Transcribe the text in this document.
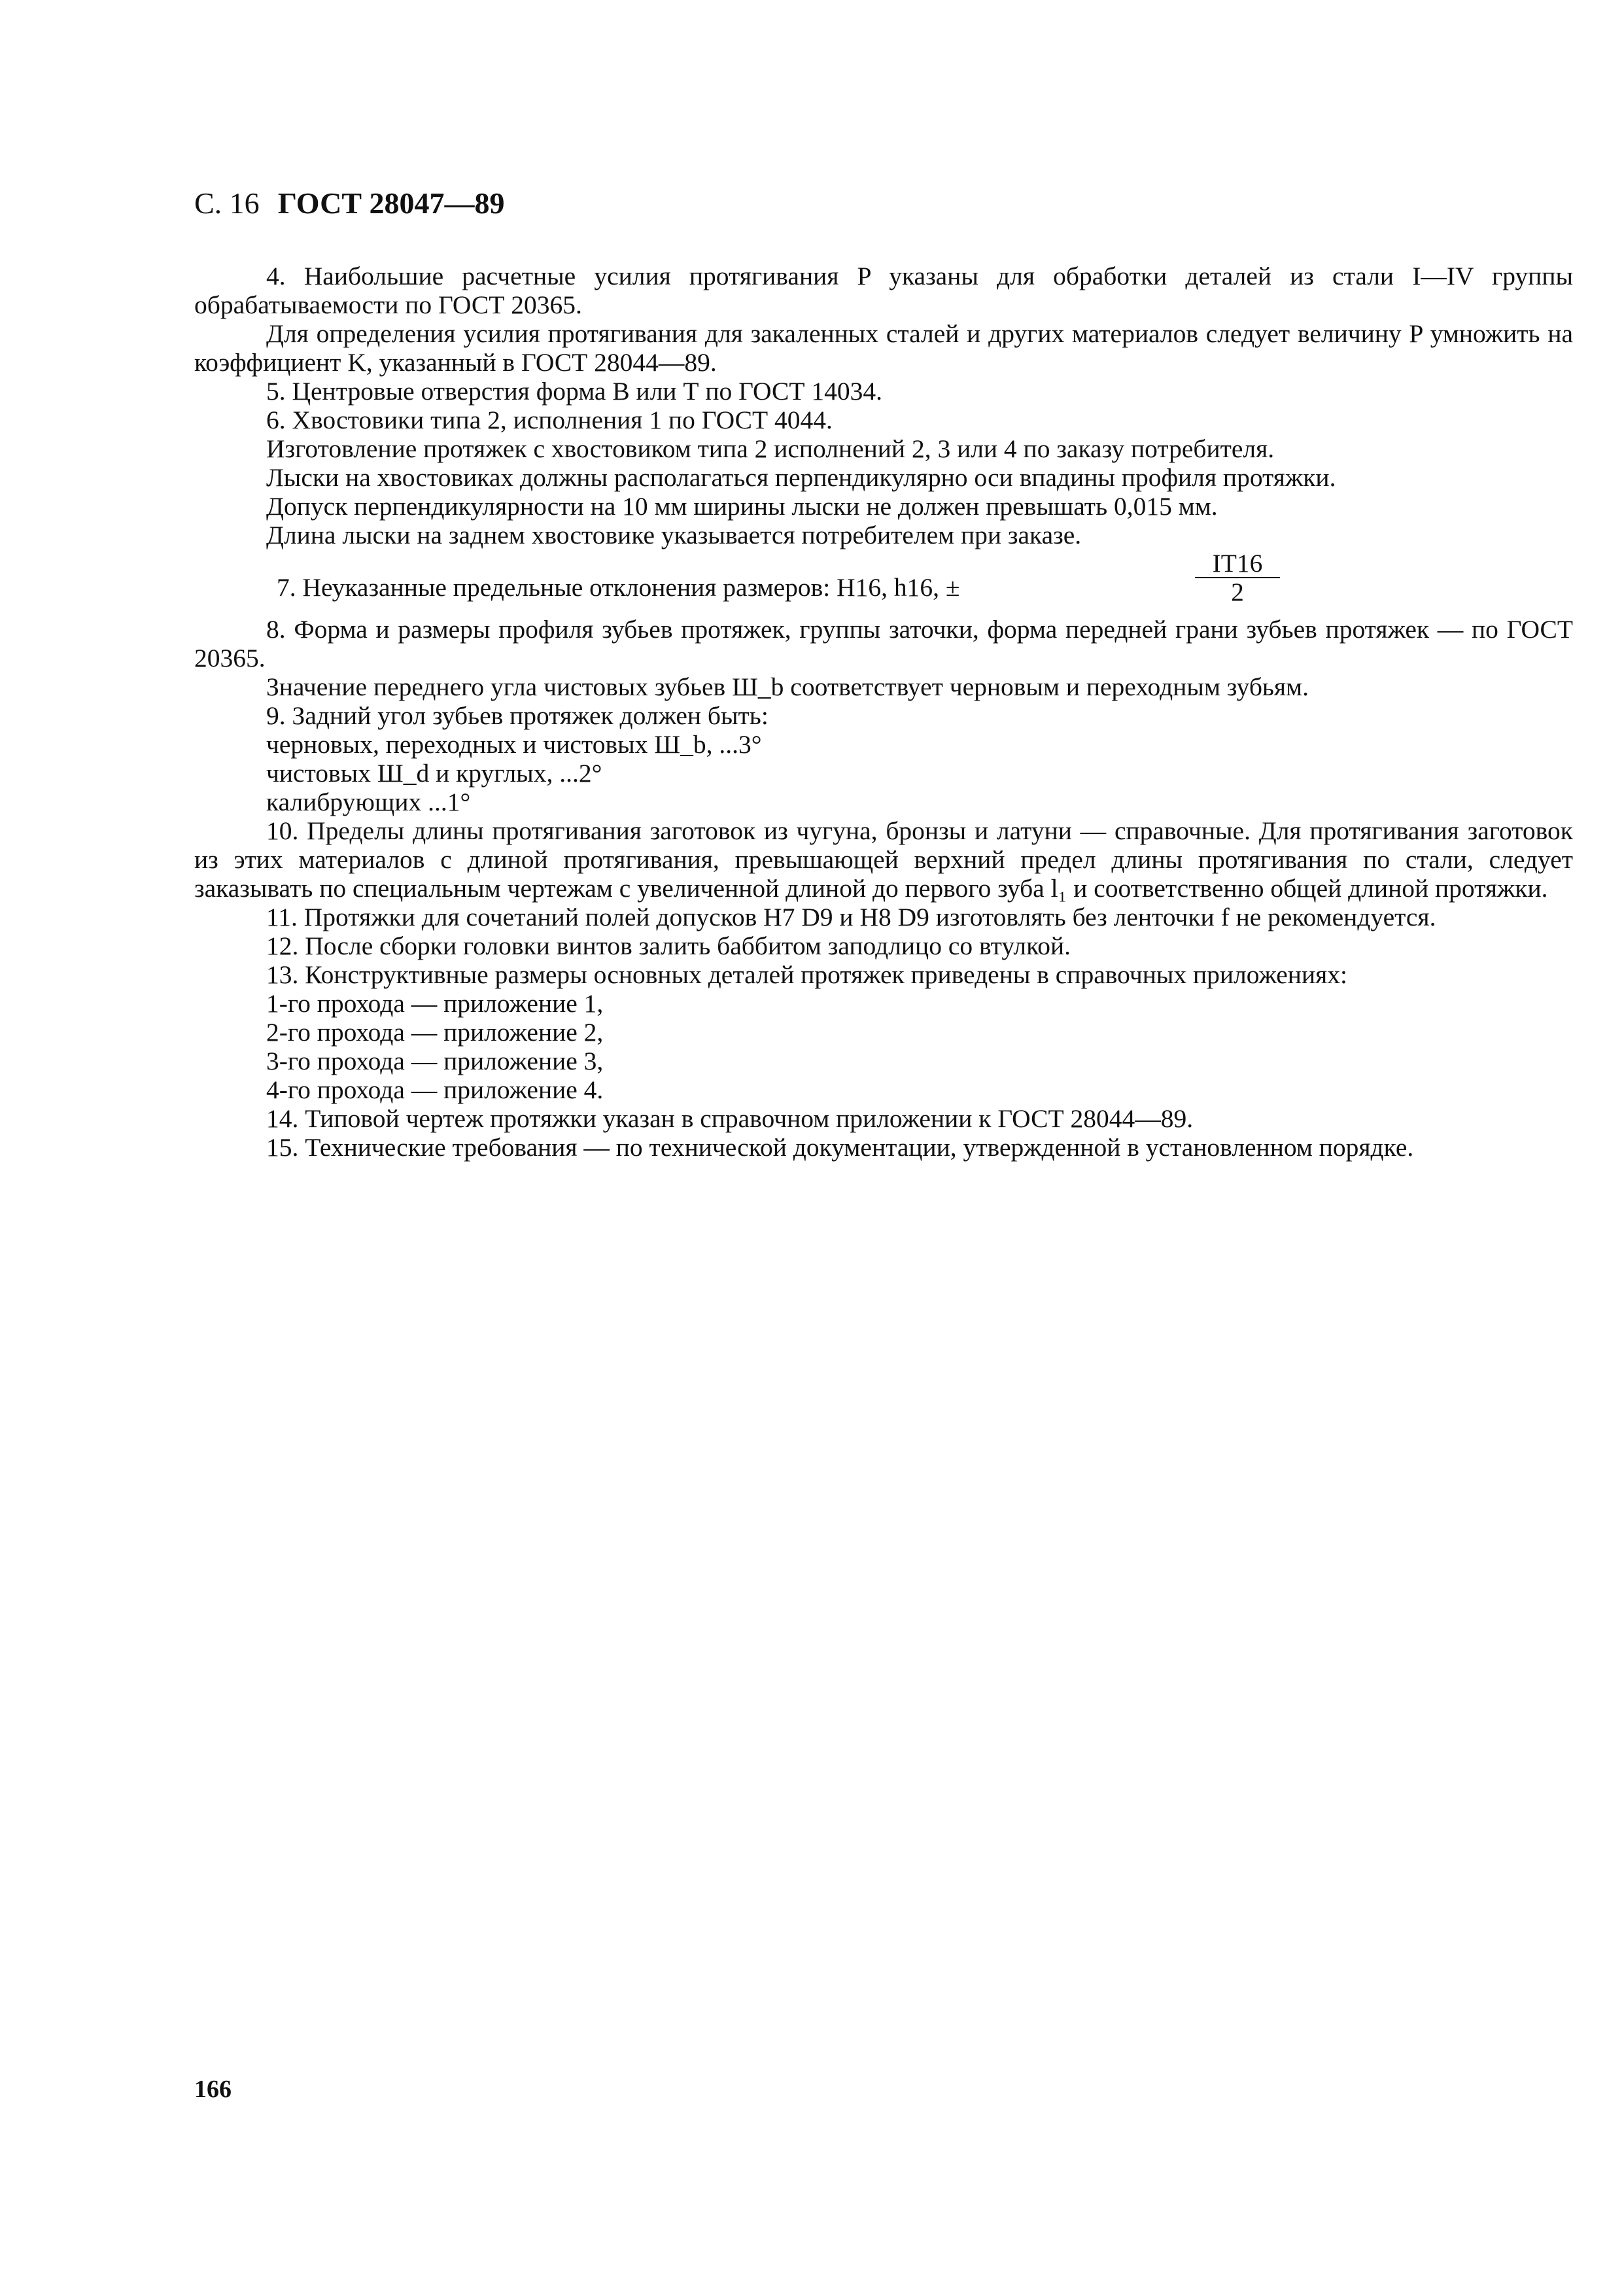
С. 16 ГОСТ 28047—89

4. Наибольшие расчетные усилия протягивания P указаны для обработки деталей из стали I—IV группы обрабатываемости по ГОСТ 20365.

Для определения усилия протягивания для закаленных сталей и других материалов следует величину P умножить на коэффициент K, указанный в ГОСТ 28044—89.

5. Центровые отверстия форма В или Т по ГОСТ 14034.

6. Хвостовики типа 2, исполнения 1 по ГОСТ 4044.

Изготовление протяжек с хвостовиком типа 2 исполнений 2, 3 или 4 по заказу потребителя.

Лыски на хвостовиках должны располагаться перпендикулярно оси впадины профиля протяжки.

Допуск перпендикулярности на 10 мм ширины лыски не должен превышать 0,015 мм.

Длина лыски на заднем хвостовике указывается потребителем при заказе.

7. Неуказанные предельные отклонения размеров: H16, h16, ±	$\frac{IT16}{2}$

8. Форма и размеры профиля зубьев протяжек, группы заточки, форма передней грани зубьев протяжек — по ГОСТ 20365.

Значение переднего угла чистовых зубьев Ш_b соответствует черновым и переходным зубьям.

9. Задний угол зубьев протяжек должен быть:

черновых, переходных и чистовых Ш_b, ...3°

чистовых Ш_d и круглых, ...2°

калибрующих ...1°

10. Пределы длины протягивания заготовок из чугуна, бронзы и латуни — справочные. Для протягивания заготовок из этих материалов с длиной протягивания, превышающей верхний предел длины протягивания по стали, следует заказывать по специальным чертежам с увеличенной длиной до первого зуба l₁ и соответственно общей длиной протяжки.

11. Протяжки для сочетаний полей допусков H7 D9 и H8 D9 изготовлять без ленточки f не рекомендуется.

12. После сборки головки винтов залить баббитом заподлицо со втулкой.

13. Конструктивные размеры основных деталей протяжек приведены в справочных приложениях:

1-го прохода — приложение 1,

2-го прохода — приложение 2,

3-го прохода — приложение 3,

4-го прохода — приложение 4.

14. Типовой чертеж протяжки указан в справочном приложении к ГОСТ 28044—89.

15. Технические требования — по технической документации, утвержденной в установленном порядке.

166
